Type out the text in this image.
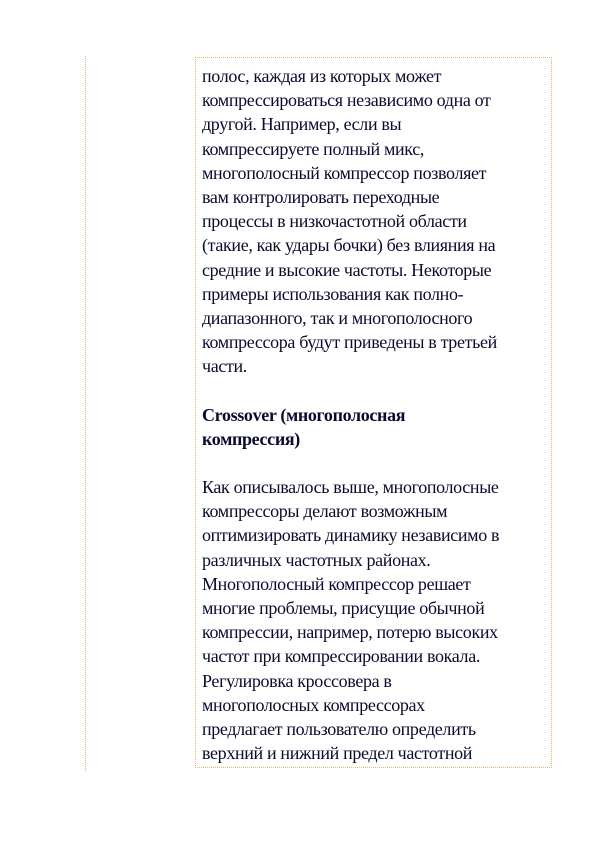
полос, каждая из которых может
компрессироваться независимо одна от
другой. Например, если вы
компрессируете полный микс,
многополосный компрессор позволяет
вам контролировать переходные
процессы в низкочастотной области
(такие, как удары бочки) без влияния на
средние и высокие частоты. Некоторые
примеры использования как полно-
диапазонного, так и многополосного
компрессора будут приведены в третьей
части.

Crossover (многополосная
компрессия)

Как описывалось выше, многополосные
компрессоры делают возможным
оптимизировать динамику независимо в
различных частотных районах.
Многополосный компрессор решает
многие проблемы, присущие обычной
компрессии, например, потерю высоких
частот при компрессировании вокала.
Регулировка кроссовера в
многополосных компрессорах
предлагает пользователю определить
верхний и нижний предел частотной
